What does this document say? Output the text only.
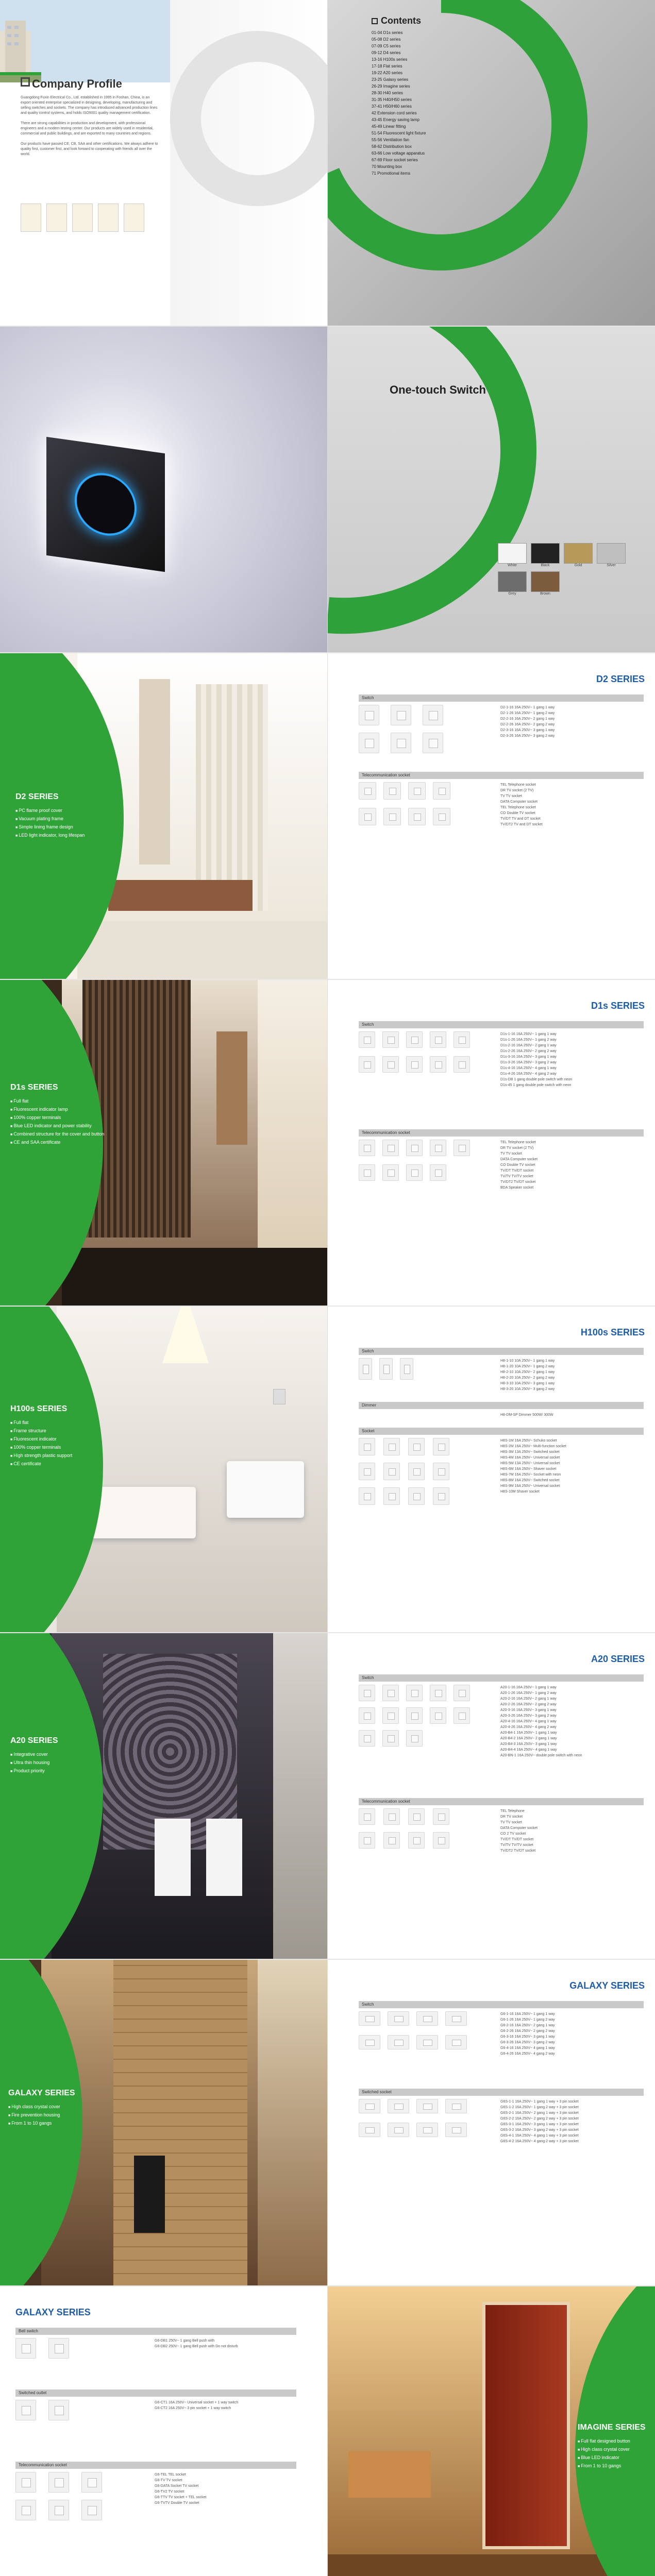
Company Profile

Guangdong Fuxin Electrical Co., Ltd. established in 1995 in Foshan, China, is an export oriented enterprise specialized in designing, developing, manufacturing and selling switches and sockets. The company has introduced advanced production lines and quality control systems, and holds ISO9001 quality management certification.

There are strong capabilities in production and development, with professional engineers and a modern testing center. Our products are widely used in residential, commercial and public buildings, and are exported to many countries and regions.

Our products have passed CE, CB, SAA and other certifications. We always adhere to quality first, customer first, and look forward to cooperating with friends all over the world.

Contents
01-04 D1s series
05-08 D2 series
07-09 C5 series
09-12 D4 series
13-16 H100s series
17-18 Flat series
19-22 A20 series
23-25 Galaxy series
26-29 Imagine series
28-30 H40 series
31-35 H40/H50 series
37-41 H50/H60 series
42 Extension cord series
43-45 Energy saving lamp
45-49 Linear fitting
51-54 Fluorescent light fixture
55-56 Ventilation fan
58-62 Distribution box
63-66 Low voltage apparatus
67-69 Floor socket series
70 Mounting box
71 Promotional items
One-touch Switch
White	Black	Gold	Silver
Grey	Brown
D2 SERIES
■ PC flame proof cover
■ Vacuum plating frame
■ Simple lining frame design
■ LED light indicator, long lifespan
D2 SERIES
Switch
D2-1-16 16A 250V~ 1 gang 1 way
D2-1-26 16A 250V~ 1 gang 2 way
D2-2-16 16A 250V~ 2 gang 1 way
D2-2-26 16A 250V~ 2 gang 2 way
D2-3-16 16A 250V~ 3 gang 1 way
D2-3-26 16A 250V~ 3 gang 2 way
Telecommunication socket
TEL Telephone socket
DR TV socket (2 TV)
TV TV socket
DATA Computer socket
TEL Telephone socket
CO Double TV socket
TV/DT TV and DT socket
TV/DT2 TV and DT socket
D1s SERIES
■ Full flat
■ Fluorescent indicator lamp
■ 100% copper terminals
■ Blue LED indicator and power stability
■ Combined structure for the cover and button
■ CE and SAA certificate
D1s SERIES
Switch
D1s-1-16 16A 250V~ 1 gang 1 way
D1s-1-26 16A 250V~ 1 gang 2 way
D1s-2-16 16A 250V~ 2 gang 1 way
D1s-2-26 16A 250V~ 2 gang 2 way
D1s-3-16 16A 250V~ 3 gang 1 way
D1s-3-26 16A 250V~ 3 gang 2 way
D1s-4-16 16A 250V~ 4 gang 1 way
D1s-4-26 16A 250V~ 4 gang 2 way
D1s-DB 1 gang double pole switch with neon
D1s-45 1 gang double pole switch with neon
Telecommunication socket
TEL Telephone socket
DR TV socket (2 TV)
TV TV socket
DATA Computer socket
CO Double TV socket
TV/DT TV/DT socket
TV/TV TV/TV socket
TV/DT2 TV/DT socket
BDA Speaker socket
H100s SERIES
■ Full flat
■ Frame structure
■ Fluorescent indicator
■ 100% copper terminals
■ High strength plastic support
■ CE certificate
H100s SERIES
Switch
H8-1-10 10A 250V~ 1 gang 1 way
H8-1-20 10A 250V~ 1 gang 2 way
H8-2-10 10A 250V~ 2 gang 1 way
H8-2-20 10A 250V~ 2 gang 2 way
H8-3-10 10A 250V~ 3 gang 1 way
H8-3-20 10A 250V~ 3 gang 2 way
Dimmer
H8-DM-SP Dimmer 500W/ 300W
Socket
H8S-1M 16A 250V~ Schuko socket
H8S-2M 16A 250V~ Multi-function socket
H8S-3M 13A 250V~ Switched socket
H8S-4M 16A 250V~ Universal socket
H8S-5M 13A 250V~ Universal socket
H8S-6M 16A 250V~ Shaver socket
H8S-7M 16A 250V~ Socket with neon
H8S-8M 16A 250V~ Switched socket
H8S-9M 16A 250V~ Universal socket
H8S-10M Shaver socket
A20 SERIES
■ Integrative cover
■ Ultra thin housing
■ Product priority
A20 SERIES
Switch
A20-1-16 16A 250V~ 1 gang 1 way
A20-1-26 16A 250V~ 1 gang 2 way
A20-2-16 16A 250V~ 2 gang 1 way
A20-2-26 16A 250V~ 2 gang 2 way
A20-3-16 16A 250V~ 3 gang 1 way
A20-3-26 16A 250V~ 3 gang 2 way
A20-4-16 16A 250V~ 4 gang 1 way
A20-4-26 16A 250V~ 4 gang 2 way
A20-B4-1 16A 250V~ 1 gang 1 way
A20-B4-2 16A 250V~ 2 gang 1 way
A20-B4-3 16A 250V~ 3 gang 1 way
A20-B4-4 16A 250V~ 4 gang 1 way
A20-BN-1 16A 250V~ double pole switch with neon
Telecommunication socket
TEL Telephone
DR TV socket
TV TV socket
DATA Computer socket
CO 2 TV socket
TV/DT TV/DT socket
TV/TV TV/TV socket
TV/DT2 TV/DT socket
GALAXY SERIES
■ High class crystal cover
■ Fire prevention housing
■ From 1 to 10 gangs
GALAXY SERIES
Switch
G6-1-16 16A 250V~ 1 gang 1 way
G6-1-26 16A 250V~ 1 gang 2 way
G6-2-16 16A 250V~ 2 gang 1 way
G6-2-26 16A 250V~ 2 gang 2 way
G6-3-16 16A 250V~ 3 gang 1 way
G6-3-26 16A 250V~ 3 gang 2 way
G6-4-16 16A 250V~ 4 gang 1 way
G6-4-26 16A 250V~ 4 gang 2 way
Switched socket
G6S-1-1 16A 250V~ 1 gang 1 way + 3 pin socket
G6S-1-2 16A 250V~ 1 gang 2 way + 3 pin socket
G6S-2-1 16A 250V~ 2 gang 1 way + 3 pin socket
G6S-2-2 16A 250V~ 2 gang 2 way + 3 pin socket
G6S-3-1 16A 250V~ 3 gang 1 way + 3 pin socket
G6S-3-2 16A 250V~ 3 gang 2 way + 3 pin socket
G6S-4-1 16A 250V~ 4 gang 1 way + 3 pin socket
G6S-4-2 16A 250V~ 4 gang 2 way + 3 pin socket
GALAXY SERIES
Bell switch
G6-DB1 250V~ 1 gang Bell push with
G6-DB2 250V~ 1 gang Bell push with Do not disturb
Switched outlet
G6-CT1 16A 250V~ Universal socket + 1 way switch
G6-CT2 16A 250V~ 3 pin socket + 1 way switch
Telecommunication socket
G6-TEL TEL socket
G6-TV TV socket
G6-DATA Socket TV socket
G6-TV2 TV socket
G6-TTV TV socket + TEL socket
G6-TVTV Double TV socket
IMAGINE SERIES
■ Full flat designed button
■ High class crystal cover
■ Blue LED indicator
■ From 1 to 10 gangs
